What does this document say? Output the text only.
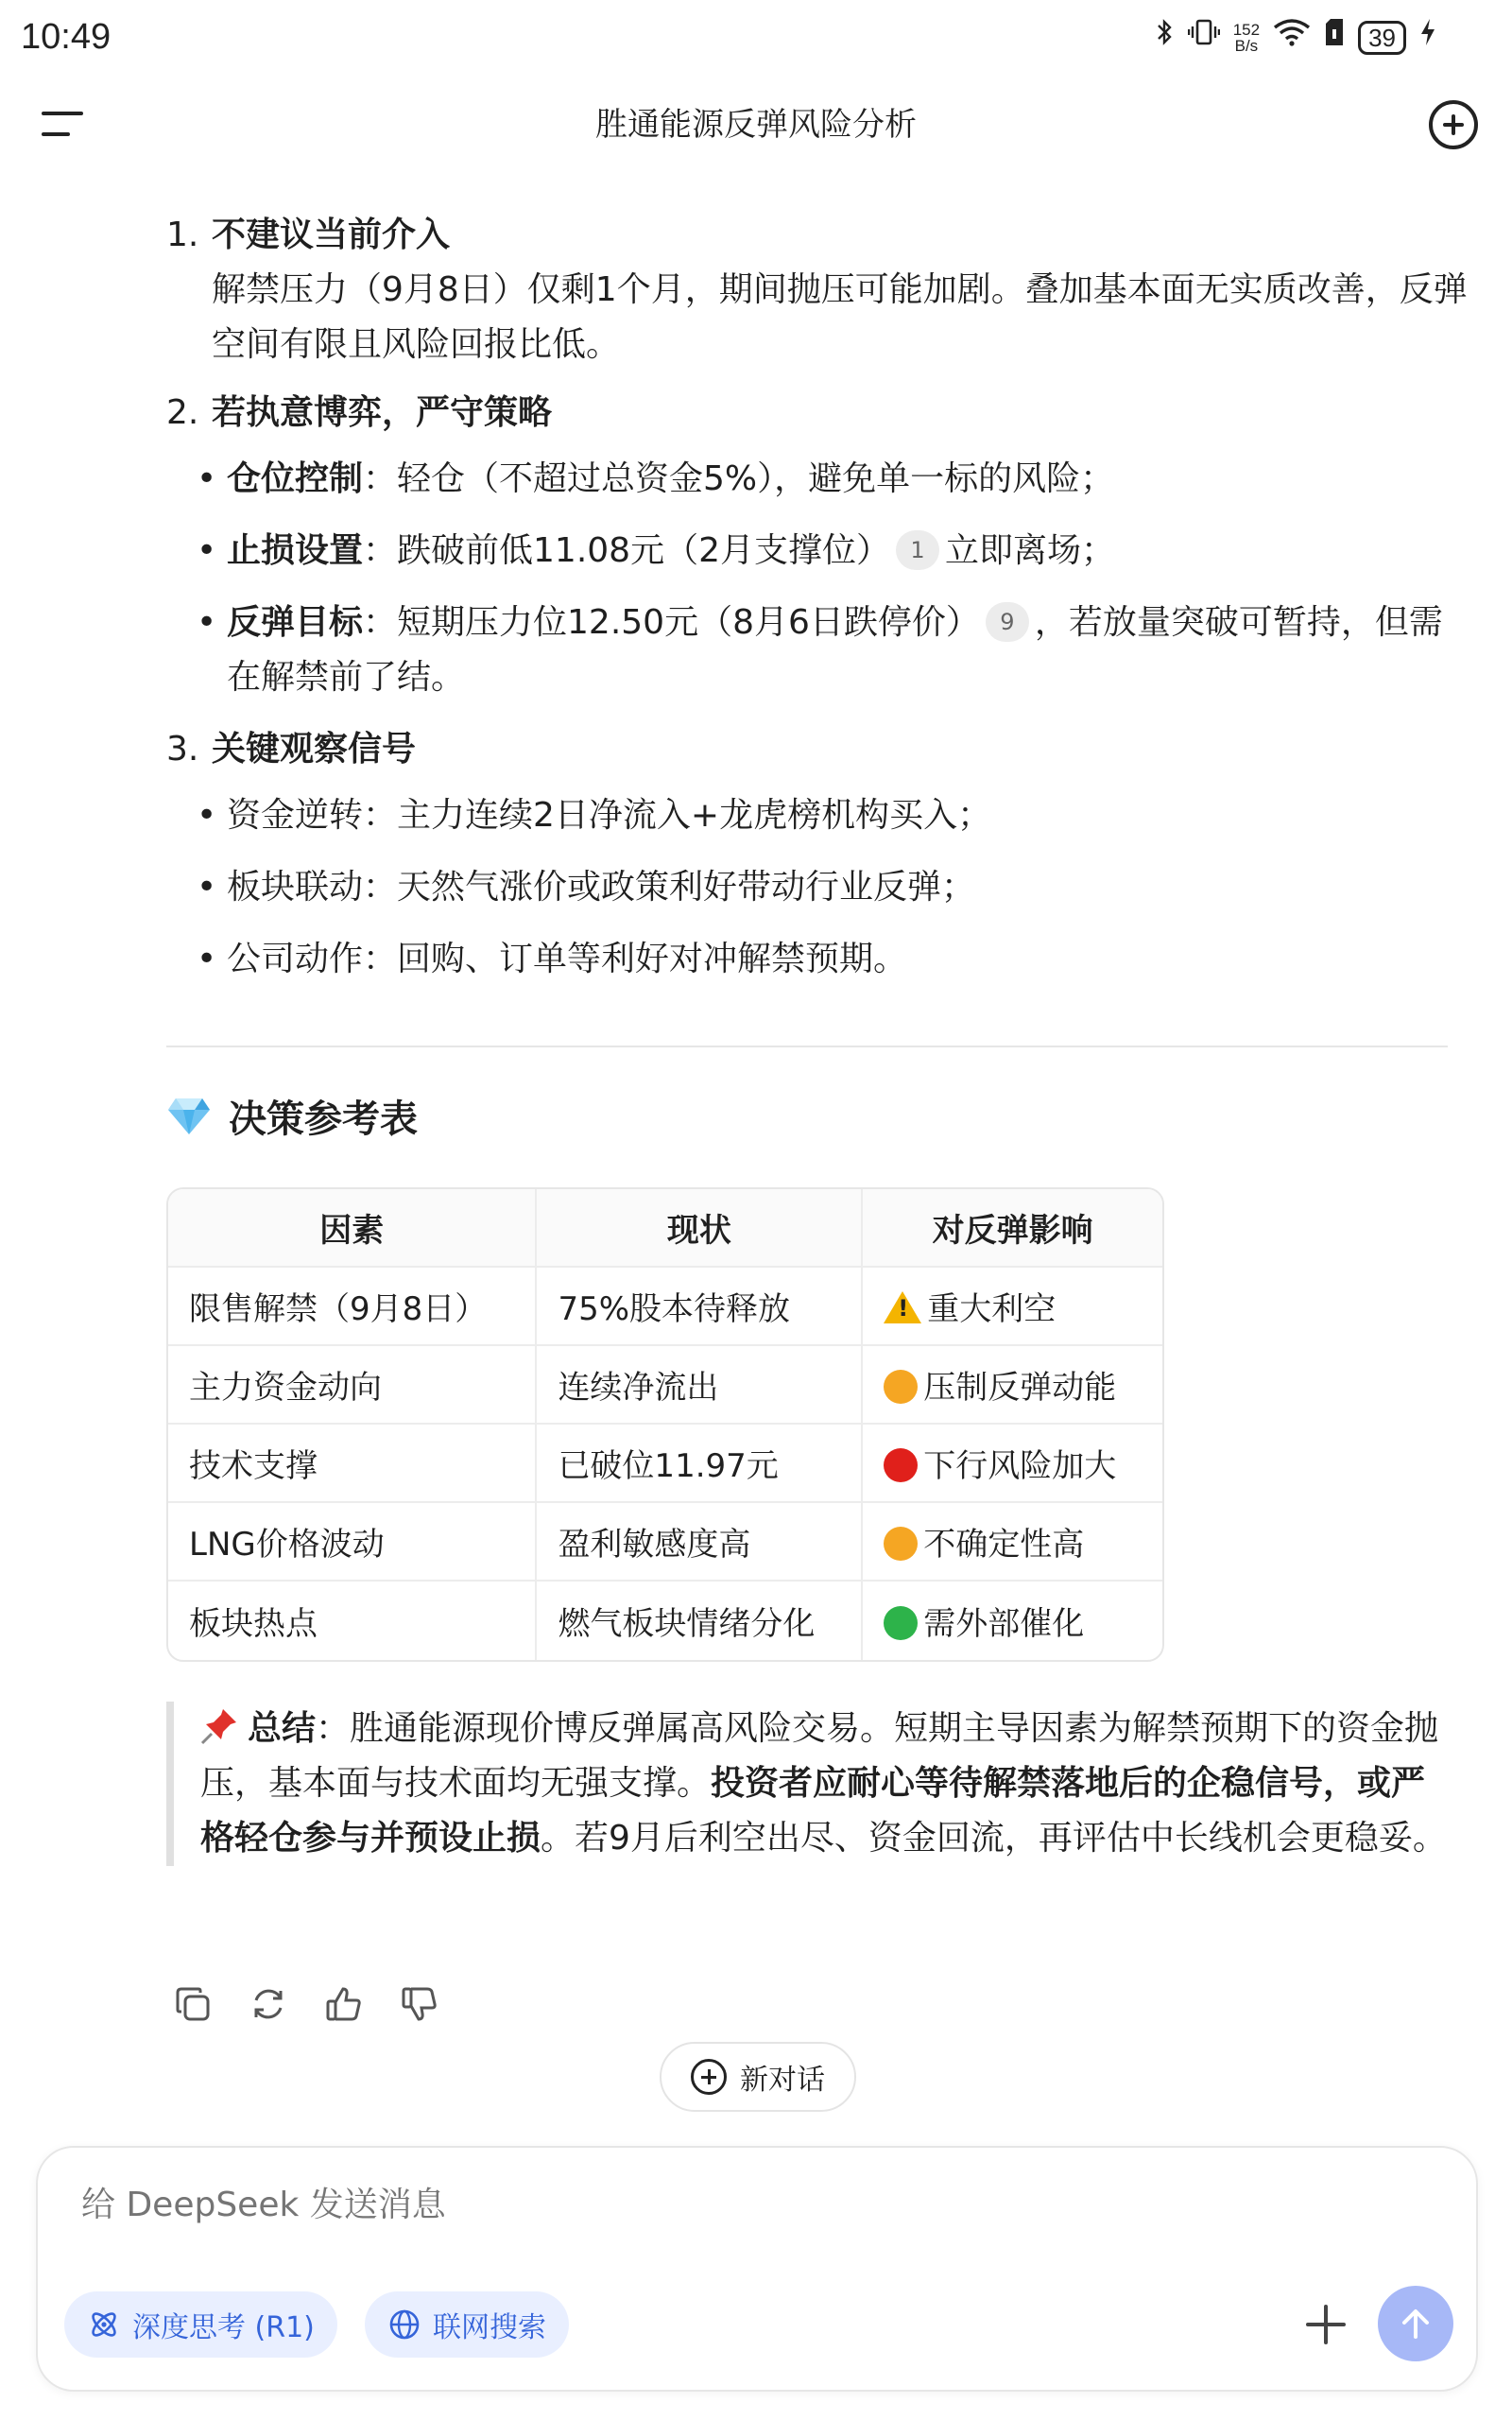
10:49	152
B/s	39
胜通能源反弹风险分析
1. 不建议当前介入
解禁压力（9月8日）仅剩1个月，期间抛压可能加剧。叠加基本面无实质改善，反弹空间有限且风险回报比低。
2. 若执意博弈，严守策略
• 仓位控制：轻仓（不超过总资金5%），避免单一标的风险；
• 止损设置：跌破前低11.08元（2月支撑位） 1 立即离场；
• 反弹目标：短期压力位12.50元（8月6日跌停价） 9 ，若放量突破可暂持，但需在解禁前了结。
3. 关键观察信号
• 资金逆转：主力连续2日净流入+龙虎榜机构买入；
• 板块联动：天然气涨价或政策利好带动行业反弹；
• 公司动作：回购、订单等利好对冲解禁预期。
决策参考表
因素	现状	对反弹影响
限售解禁（9月8日）	75%股本待释放	!重大利空
主力资金动向	连续净流出	压制反弹动能
技术支撑	已破位11.97元	下行风险加大
LNG价格波动	盈利敏感度高	不确定性高
板块热点	燃气板块情绪分化	需外部催化
总结：胜通能源现价博反弹属高风险交易。短期主导因素为解禁预期下的资金抛压，基本面与技术面均无强支撑。投资者应耐心等待解禁落地后的企稳信号，或严格轻仓参与并预设止损。若9月后利空出尽、资金回流，再评估中长线机会更稳妥。
新对话
给 DeepSeek 发送消息
深度思考 (R1)	联网搜索
